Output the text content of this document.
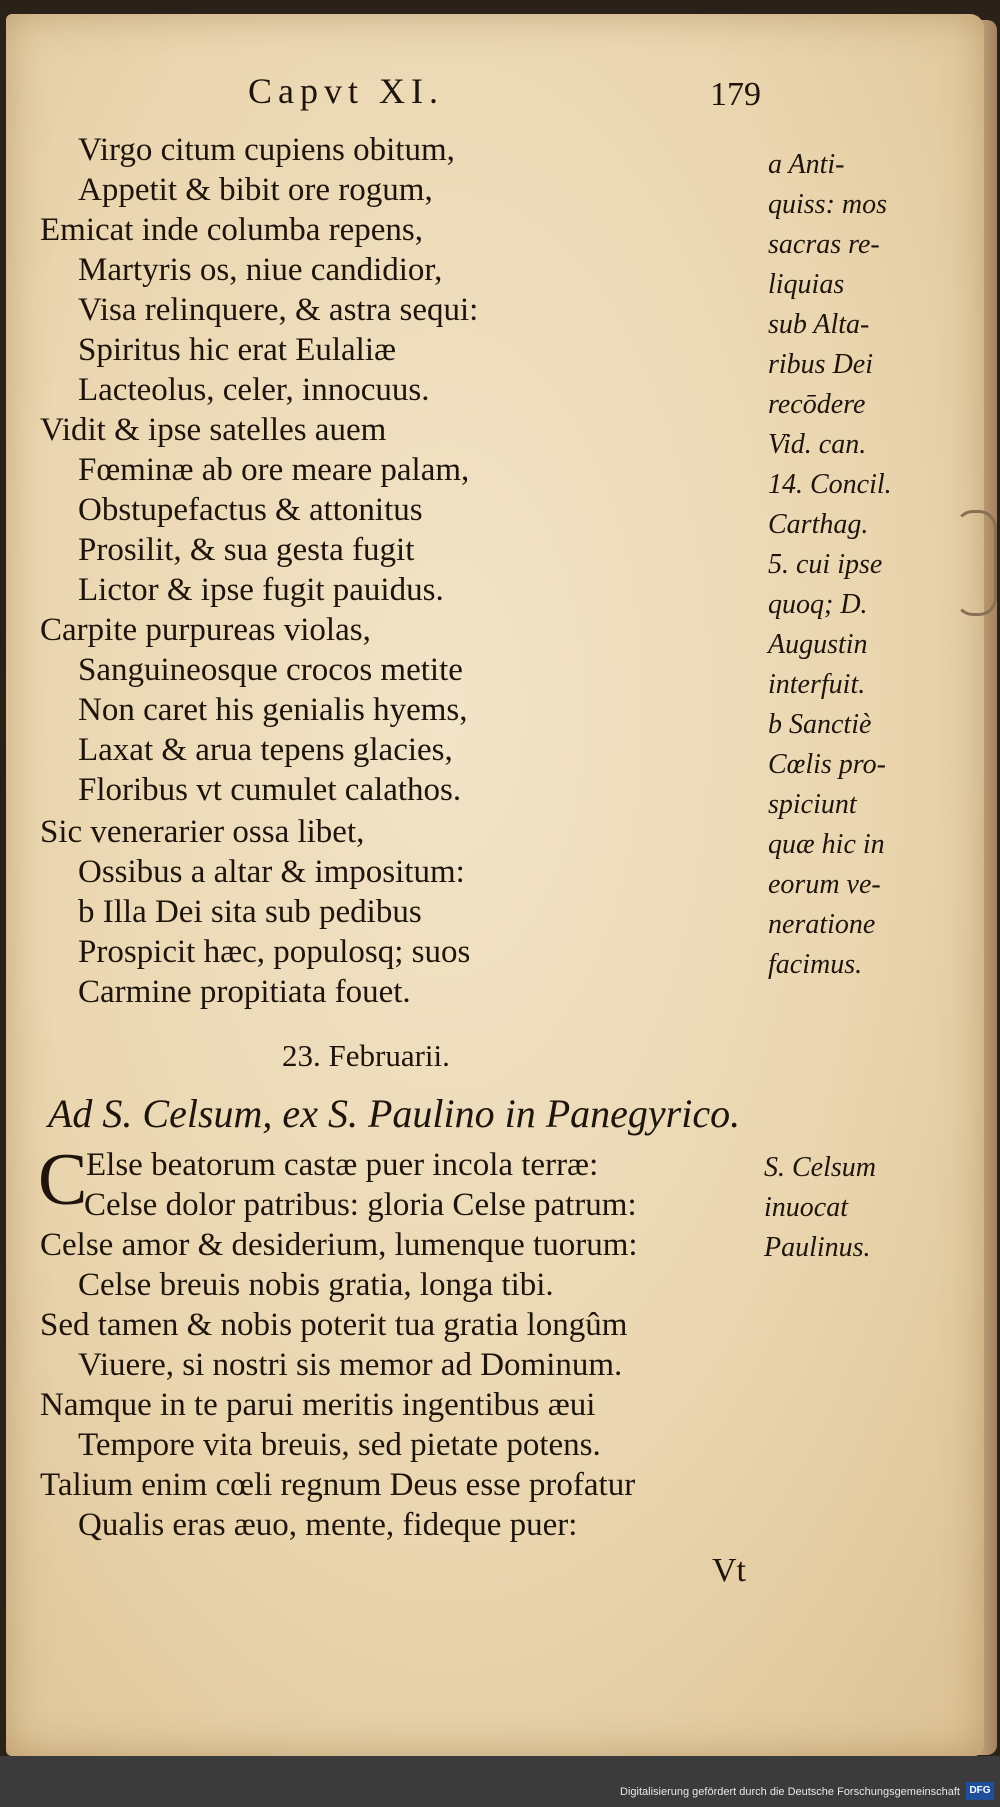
Capvt XI.	179
Virgo citum cupiens obitum,
Appetit & bibit ore rogum,
Emicat inde columba repens,
Martyris os, niue candidior,
Visa relinquere, & astra sequi:
Spiritus hic erat Eulaliæ
Lacteolus, celer, innocuus.
Vidit & ipse satelles auem
Fœminæ ab ore meare palam,
Obstupefactus & attonitus
Prosilit, & sua gesta fugit
Lictor & ipse fugit pauidus.
Carpite purpureas violas,
Sanguineosque crocos metite
Non caret his genialis hyems,
Laxat & arua tepens glacies,
Floribus vt cumulet calathos.
Sic venerarier ossa libet,
Ossibus a altar & impositum:
b Illa Dei sita sub pedibus
Prospicit hæc, populosq; suos
Carmine propitiata fouet.
23. Februarii.
Ad S. Celsum, ex S. Paulino in Panegyrico.
C
Else beatorum castæ puer incola terræ:
Celse dolor patribus: gloria Celse patrum:
Celse amor & desiderium, lumenque tuorum:
Celse breuis nobis gratia, longa tibi.
Sed tamen & nobis poterit tua gratia longûm
Viuere, si nostri sis memor ad Dominum.
Namque in te parui meritis ingentibus æui
Tempore vita breuis, sed pietate potens.
Talium enim cœli regnum Deus esse profatur
Qualis eras æuo, mente, fideque puer:
Vt
a Anti-
quiss: mos
sacras re-
liquias
sub Alta-
ribus Dei
recōdere
Vid. can.
14. Concil.
Carthag.
5. cui ipse
quoq; D.
Augustin
interfuit.
b Sanctiè
Cœlis pro-
spiciunt
quæ hic in
eorum ve-
neratione
facimus.
S. Celsum
inuocat
Paulinus.
Digitalisierung gefördert durch die Deutsche Forschungsgemeinschaft DFG
